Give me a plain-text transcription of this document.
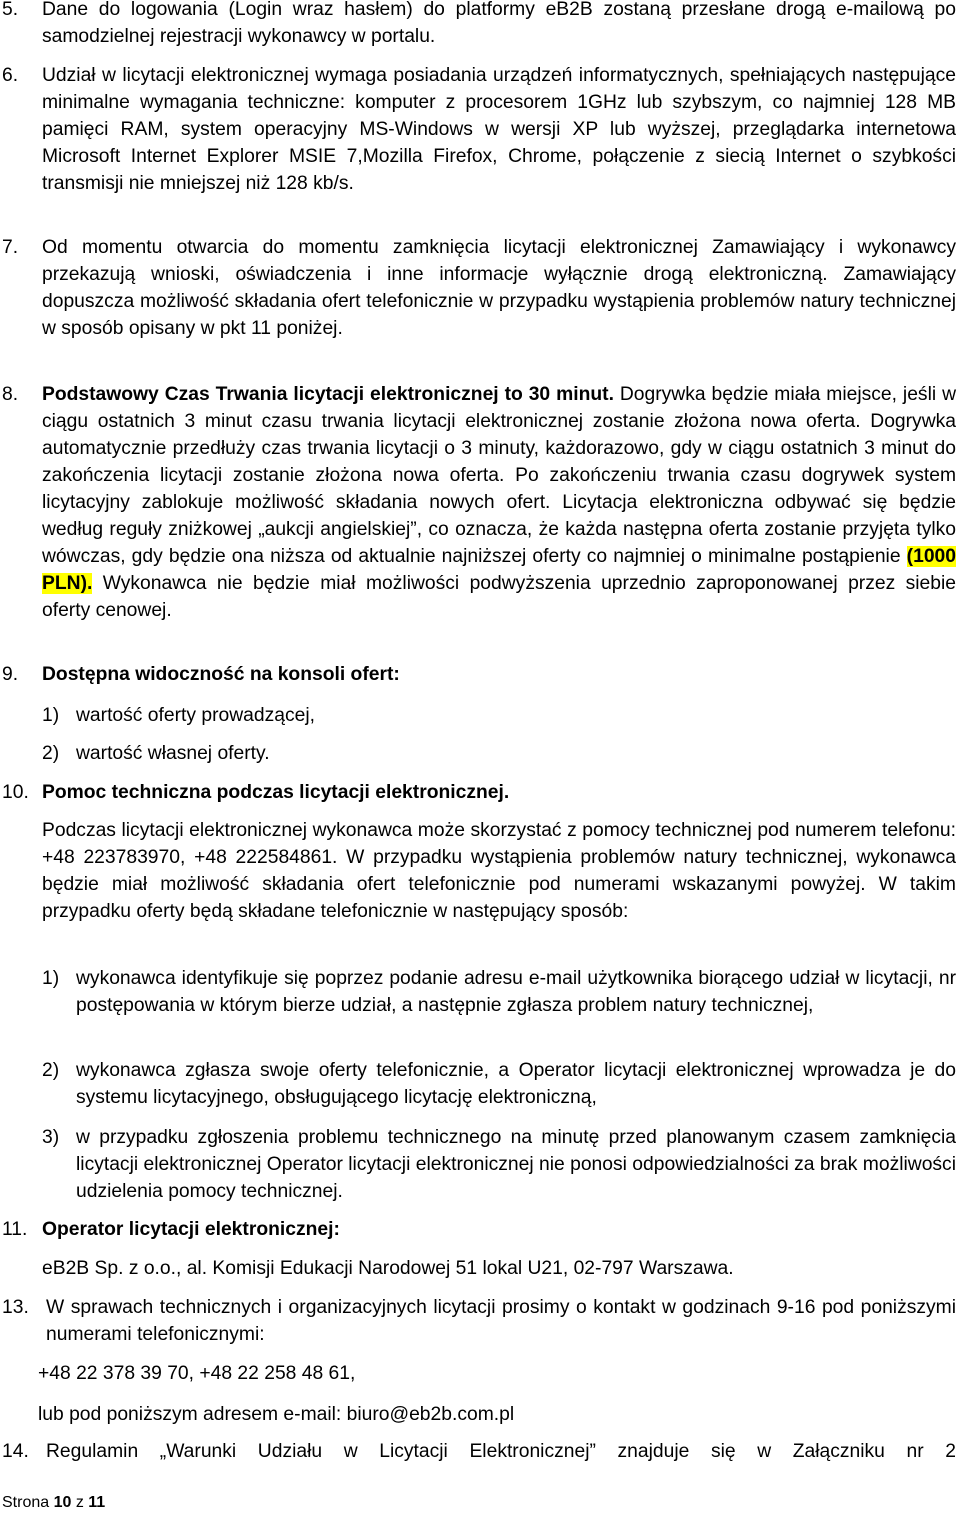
5. Dane do logowania (Login wraz hasłem) do platformy eB2B zostaną przesłane drogą e-mailową po samodzielnej rejestracji wykonawcy w portalu.
6. Udział w licytacji elektronicznej wymaga posiadania urządzeń informatycznych, spełniających następujące minimalne wymagania techniczne: komputer z procesorem 1GHz lub szybszym, co najmniej 128 MB pamięci RAM, system operacyjny MS-Windows w wersji XP lub wyższej, przeglądarka internetowa Microsoft Internet Explorer MSIE 7,Mozilla Firefox, Chrome, połączenie z siecią Internet o szybkości transmisji nie mniejszej niż 128 kb/s.
7. Od momentu otwarcia do momentu zamknięcia licytacji elektronicznej Zamawiający i wykonawcy przekazują wnioski, oświadczenia i inne informacje wyłącznie drogą elektroniczną. Zamawiający dopuszcza możliwość składania ofert telefonicznie w przypadku wystąpienia problemów natury technicznej w sposób opisany w pkt 11 poniżej.
8. Podstawowy Czas Trwania licytacji elektronicznej to 30 minut. Dogrywka będzie miała miejsce, jeśli w ciągu ostatnich 3 minut czasu trwania licytacji elektronicznej zostanie złożona nowa oferta. Dogrywka automatycznie przedłuży czas trwania licytacji o 3 minuty, każdorazowo, gdy w ciągu ostatnich 3 minut do zakończenia licytacji zostanie złożona nowa oferta. Po zakończeniu trwania czasu dogrywek system licytacyjny zablokuje możliwość składania nowych ofert. Licytacja elektroniczna odbywać się będzie według reguły zniżkowej „aukcji angielskiej”, co oznacza, że każda następna oferta zostanie przyjęta tylko wówczas, gdy będzie ona niższa od aktualnie najniższej oferty co najmniej o minimalne postąpienie (1000 PLN). Wykonawca nie będzie miał możliwości podwyższenia uprzednio zaproponowanej przez siebie oferty cenowej.
9. Dostępna widoczność na konsoli ofert:
1) wartość oferty prowadzącej,
2) wartość własnej oferty.
10. Pomoc techniczna podczas licytacji elektronicznej.
Podczas licytacji elektronicznej wykonawca może skorzystać z pomocy technicznej pod numerem telefonu: +48 223783970, +48 222584861. W przypadku wystąpienia problemów natury technicznej, wykonawca będzie miał możliwość składania ofert telefonicznie pod numerami wskazanymi powyżej. W takim przypadku oferty będą składane telefonicznie w następujący sposób:
1) wykonawca identyfikuje się poprzez podanie adresu e-mail użytkownika biorącego udział w licytacji, nr postępowania w którym bierze udział, a następnie zgłasza problem natury technicznej,
2) wykonawca zgłasza swoje oferty telefonicznie, a Operator licytacji elektronicznej wprowadza je do systemu licytacyjnego, obsługującego licytację elektroniczną,
3) w przypadku zgłoszenia problemu technicznego na minutę przed planowanym czasem zamknięcia licytacji elektronicznej Operator licytacji elektronicznej nie ponosi odpowiedzialności za brak możliwości udzielenia pomocy technicznej.
11. Operator licytacji elektronicznej:
eB2B Sp. z o.o., al. Komisji Edukacji Narodowej 51 lokal U21, 02-797 Warszawa.
13. W sprawach technicznych i organizacyjnych licytacji prosimy o kontakt w godzinach 9-16 pod poniższymi numerami telefonicznymi:
+48 22 378 39 70, +48 22 258 48 61,
lub pod poniższym adresem e-mail: biuro@eb2b.com.pl
14. Regulamin „Warunki Udziału w Licytacji Elektronicznej” znajduje się w Załączniku nr 2
Strona 10 z 11
